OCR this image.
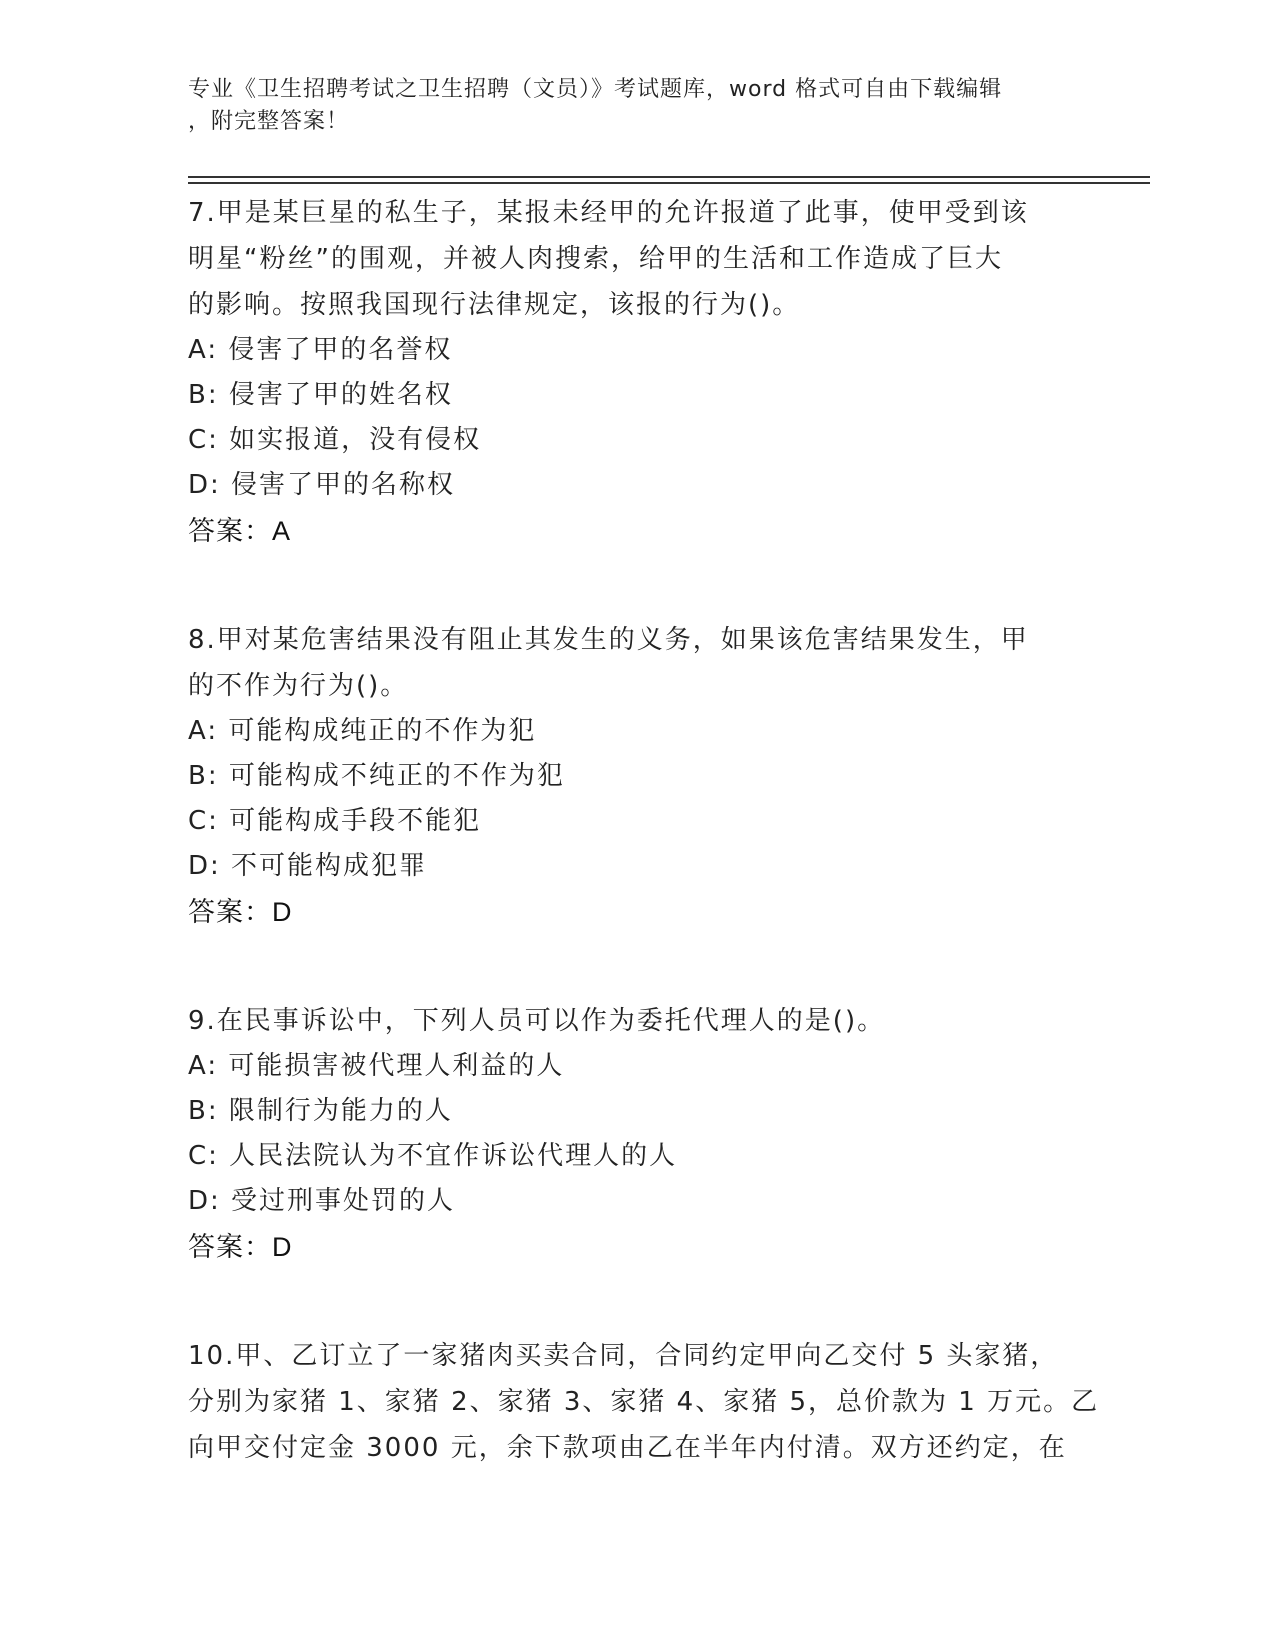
专业《卫生招聘考试之卫生招聘（文员）》考试题库，word 格式可自由下载编辑
，附完整答案！
7.甲是某巨星的私生子，某报未经甲的允许报道了此事，使甲受到该
明星“粉丝”的围观，并被人肉搜索，给甲的生活和工作造成了巨大
的影响。按照我国现行法律规定，该报的行为()。
A: 侵害了甲的名誉权
B: 侵害了甲的姓名权
C: 如实报道，没有侵权
D: 侵害了甲的名称权
答案：A
8.甲对某危害结果没有阻止其发生的义务，如果该危害结果发生，甲
的不作为行为()。
A: 可能构成纯正的不作为犯
B: 可能构成不纯正的不作为犯
C: 可能构成手段不能犯
D: 不可能构成犯罪
答案：D
9.在民事诉讼中，下列人员可以作为委托代理人的是()。
A: 可能损害被代理人利益的人
B: 限制行为能力的人
C: 人民法院认为不宜作诉讼代理人的人
D: 受过刑事处罚的人
答案：D
10.甲、乙订立了一家猪肉买卖合同，合同约定甲向乙交付 5 头家猪，
分别为家猪 1、家猪 2、家猪 3、家猪 4、家猪 5，总价款为 1 万元。乙
向甲交付定金 3000 元，余下款项由乙在半年内付清。双方还约定，在
